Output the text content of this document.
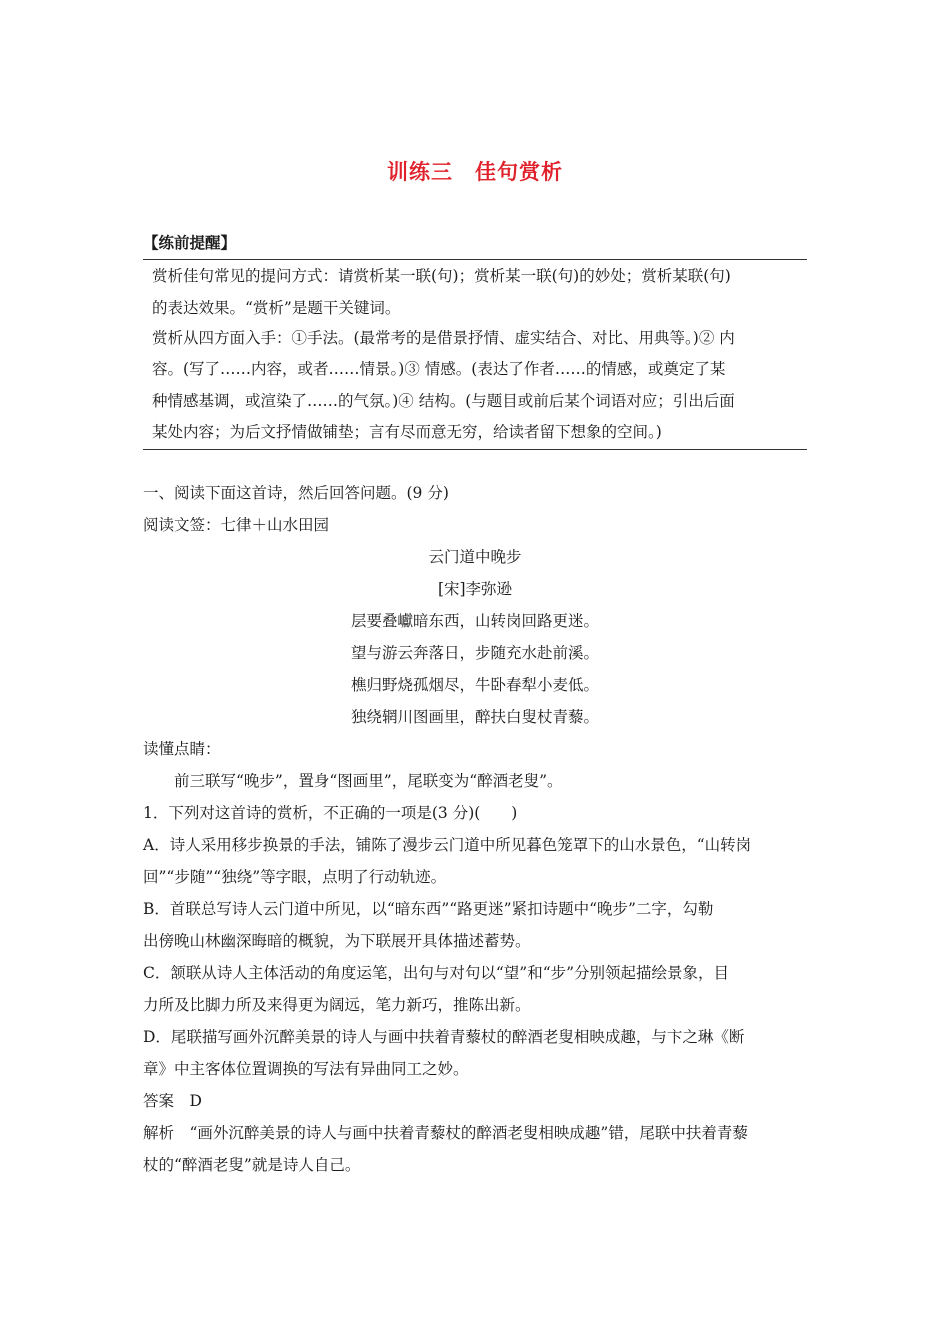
训练三　佳句赏析
【练前提醒】
赏析佳句常见的提问方式：请赏析某一联(句)；赏析某一联(句)的妙处；赏析某联(句)
的表达效果。“赏析”是题干关键词。
赏析从四方面入手：①手法。(最常考的是借景抒情、虚实结合、对比、用典等。)② 内
容。(写了……内容，或者……情景。)③ 情感。(表达了作者……的情感，或奠定了某
种情感基调，或渲染了……的气氛。)④ 结构。(与题目或前后某个词语对应；引出后面
某处内容；为后文抒情做铺垫；言有尽而意无穷，给读者留下想象的空间。)
一、阅读下面这首诗，然后回答问题。(9 分)
阅读文签：七律＋山水田园
云门道中晚步
[宋]李弥逊
层要叠巘暗东西，山转岗回路更迷。
望与游云奔落日，步随充水赴前溪。
樵归野烧孤烟尽，牛卧春犁小麦低。
独绕辋川图画里，醉扶白叟杖青藜。
读懂点睛：
前三联写“晚步”，置身“图画里”，尾联变为“醉酒老叟”。
1．下列对这首诗的赏析，不正确的一项是(3 分)(　　)
A．诗人采用移步换景的手法，铺陈了漫步云门道中所见暮色笼罩下的山水景色，“山转岗
回”“步随”“独绕”等字眼，点明了行动轨迹。
B．首联总写诗人云门道中所见，以“暗东西”“路更迷”紧扣诗题中“晚步”二字，勾勒
出傍晚山林幽深晦暗的概貌，为下联展开具体描述蓄势。
C．颔联从诗人主体活动的角度运笔，出句与对句以“望”和“步”分别领起描绘景象，目
力所及比脚力所及来得更为阔远，笔力新巧，推陈出新。
D．尾联描写画外沉醉美景的诗人与画中扶着青藜杖的醉酒老叟相映成趣，与卞之琳《断
章》中主客体位置调换的写法有异曲同工之妙。
答案　D
解析　“画外沉醉美景的诗人与画中扶着青藜杖的醉酒老叟相映成趣”错，尾联中扶着青藜
杖的“醉酒老叟”就是诗人自己。
